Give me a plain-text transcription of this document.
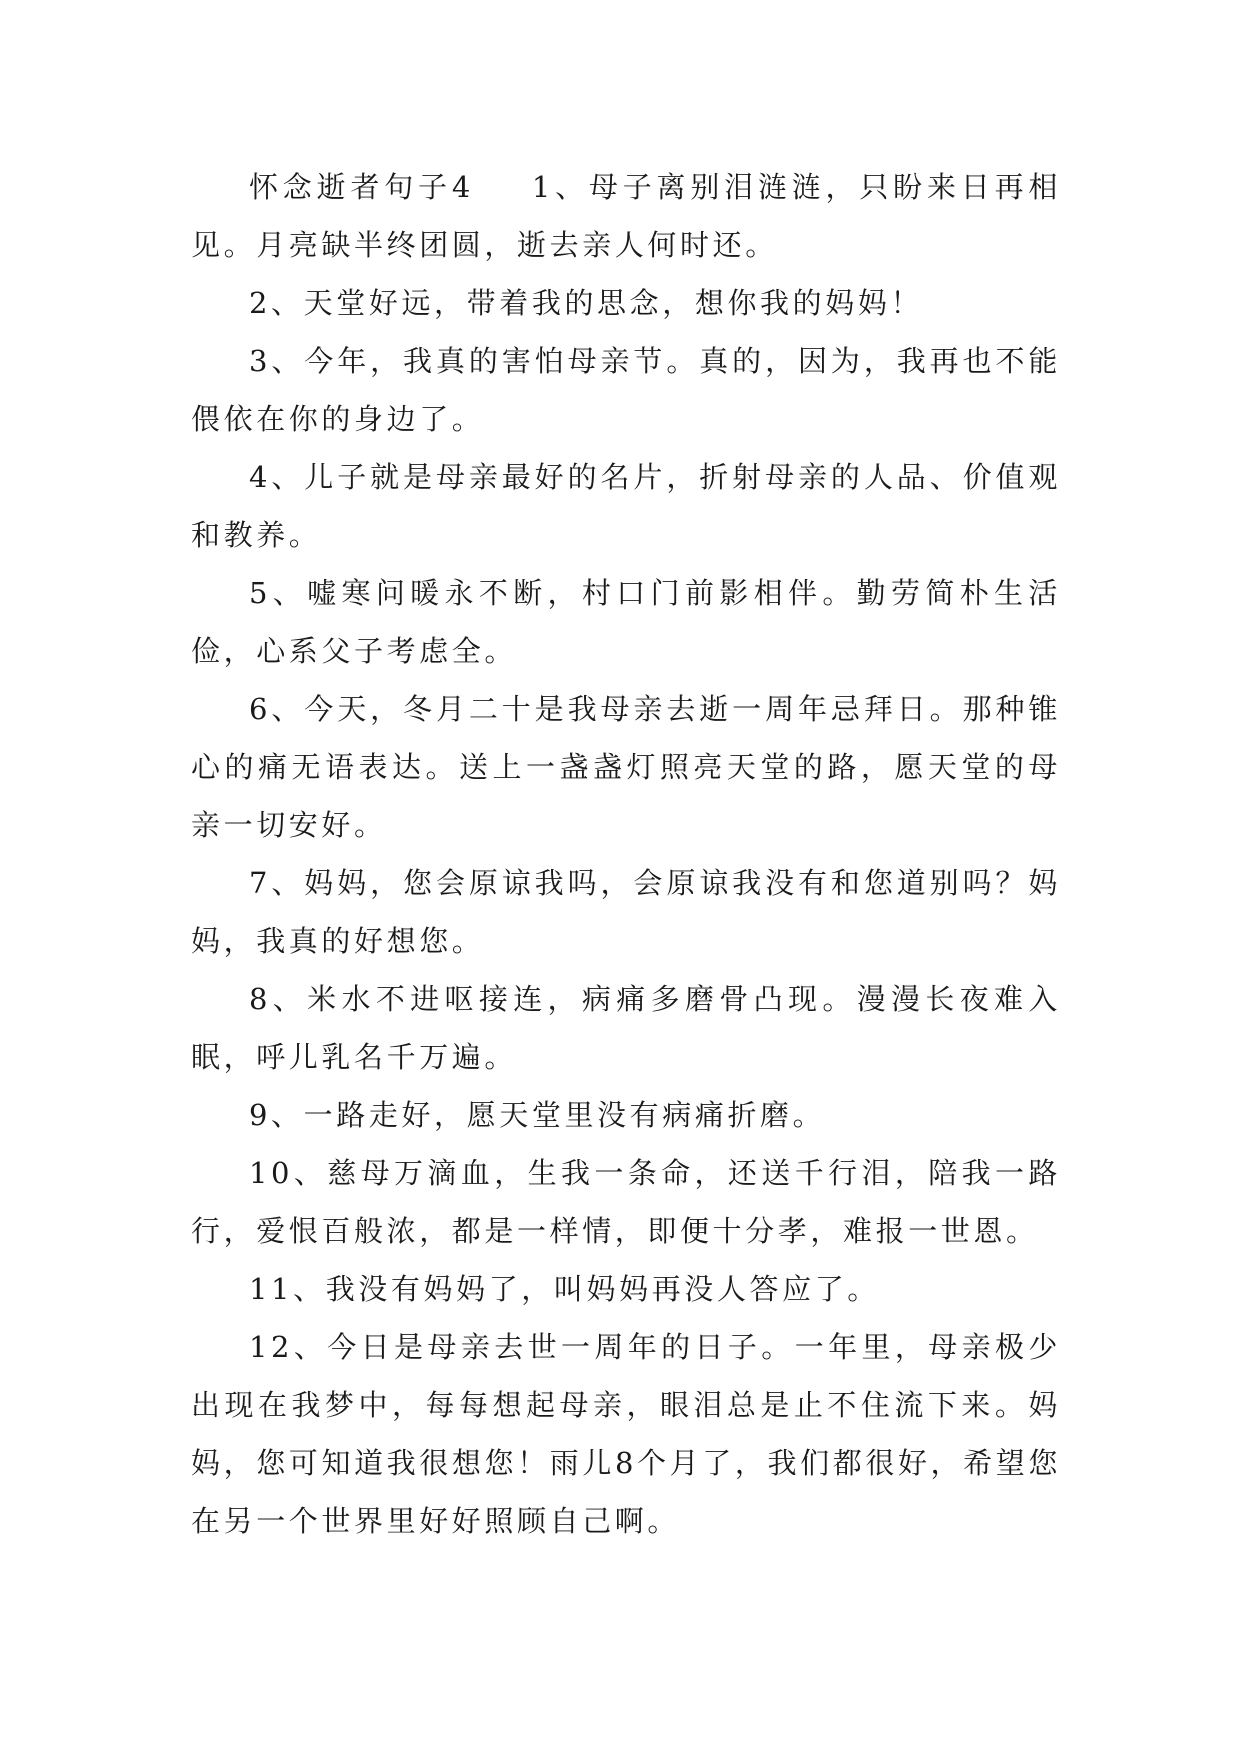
怀念逝者句子4 1、母子离别泪涟涟，只盼来日再相见。月亮缺半终团圆，逝去亲人何时还。

2、天堂好远，带着我的思念，想你我的妈妈！

3、今年，我真的害怕母亲节。真的，因为，我再也不能偎依在你的身边了。

4、儿子就是母亲最好的名片，折射母亲的人品、价值观和教养。

5、嘘寒问暖永不断，村口门前影相伴。勤劳简朴生活俭，心系父子考虑全。

6、今天，冬月二十是我母亲去逝一周年忌拜日。那种锥心的痛无语表达。送上一盏盏灯照亮天堂的路，愿天堂的母亲一切安好。

7、妈妈，您会原谅我吗，会原谅我没有和您道别吗？妈妈，我真的好想您。

8、米水不进呕接连，病痛多磨骨凸现。漫漫长夜难入眠，呼儿乳名千万遍。

9、一路走好，愿天堂里没有病痛折磨。

10、慈母万滴血，生我一条命，还送千行泪，陪我一路行，爱恨百般浓，都是一样情，即便十分孝，难报一世恩。

11、我没有妈妈了，叫妈妈再没人答应了。

12、今日是母亲去世一周年的日子。一年里，母亲极少出现在我梦中，每每想起母亲，眼泪总是止不住流下来。妈妈，您可知道我很想您！雨儿8个月了，我们都很好，希望您在另一个世界里好好照顾自己啊。
